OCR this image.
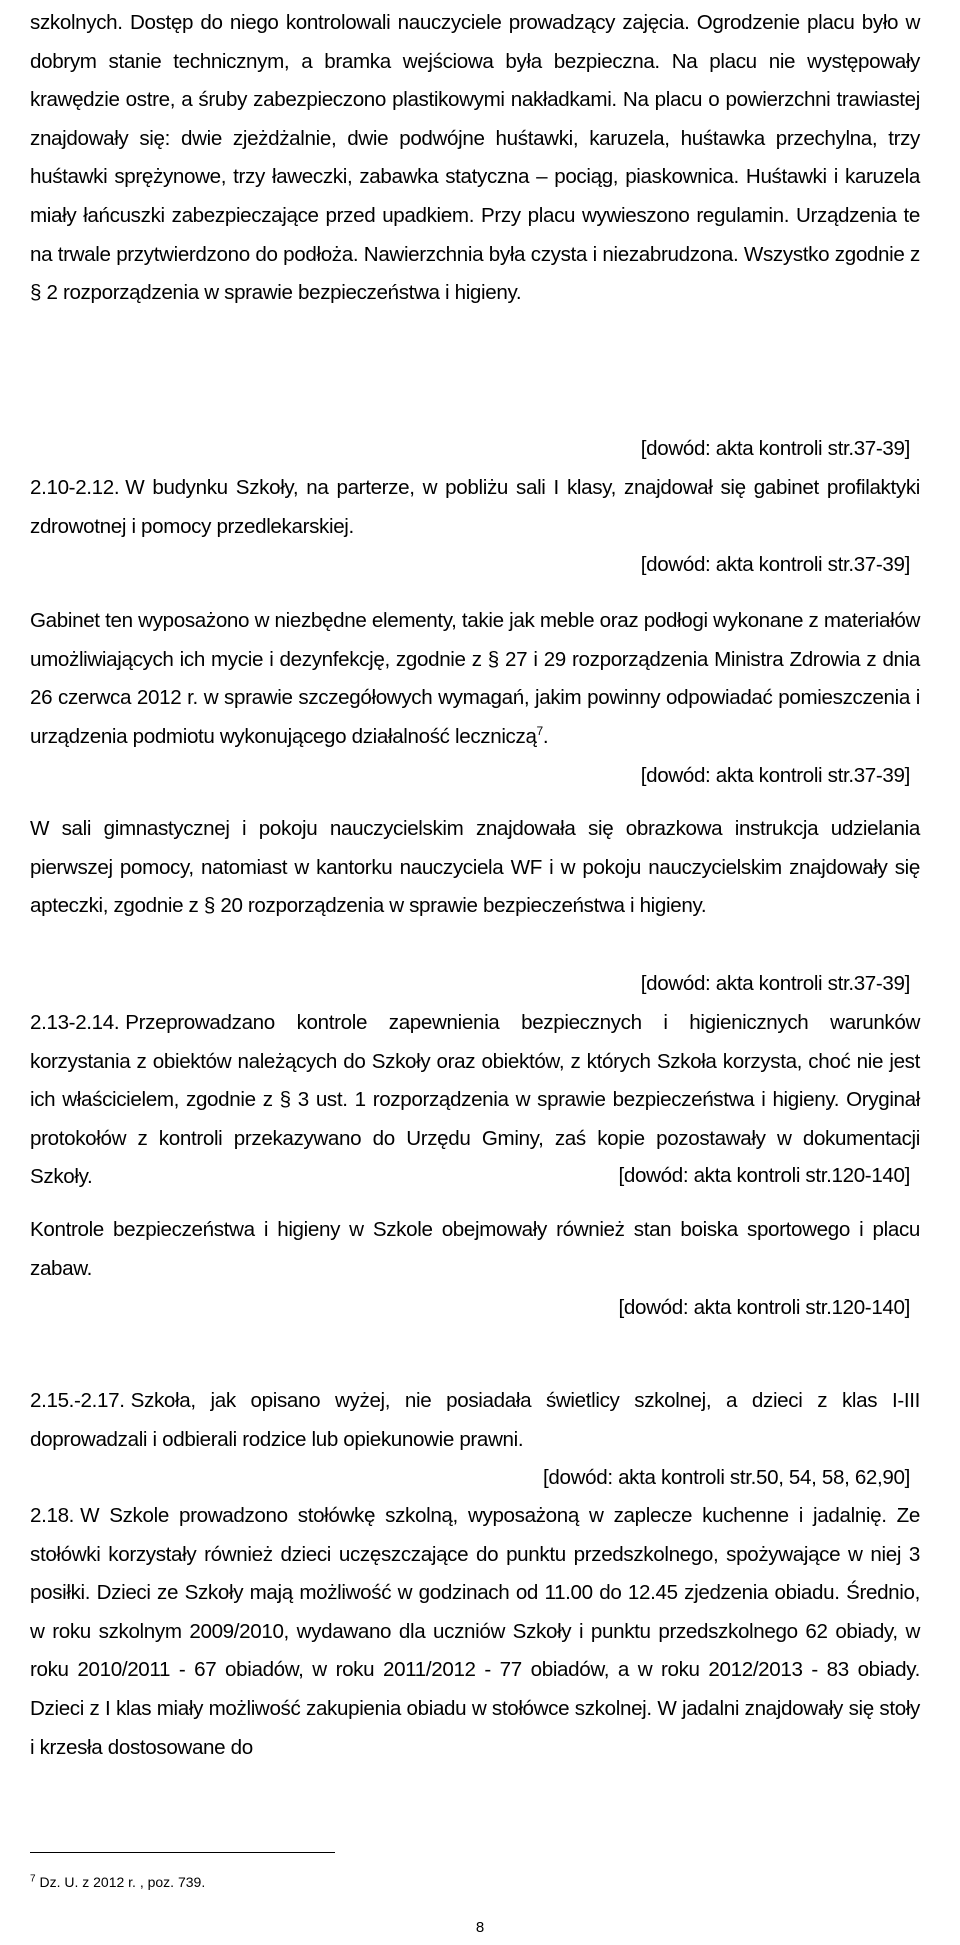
szkolnych. Dostęp do niego kontrolowali nauczyciele prowadzący zajęcia. Ogrodzenie placu było w dobrym stanie technicznym, a bramka wejściowa była bezpieczna. Na placu nie występowały krawędzie ostre, a śruby zabezpieczono plastikowymi nakładkami. Na placu o powierzchni trawiastej znajdowały się: dwie zjeżdżalnie, dwie podwójne huśtawki, karuzela, huśtawka przechylna, trzy huśtawki sprężynowe, trzy ławeczki, zabawka statyczna – pociąg, piaskownica. Huśtawki i karuzela miały łańcuszki zabezpieczające przed upadkiem. Przy placu wywieszono regulamin. Urządzenia te na trwale przytwierdzono do podłoża. Nawierzchnia była czysta i niezabrudzona. Wszystko zgodnie z § 2 rozporządzenia w sprawie bezpieczeństwa i higieny.

[dowód: akta kontroli str.37-39]

2.10-2.12. W budynku Szkoły, na parterze, w pobliżu sali I klasy, znajdował się gabinet profilaktyki zdrowotnej i pomocy przedlekarskiej.

[dowód: akta kontroli str.37-39]

Gabinet ten wyposażono w niezbędne elementy, takie jak meble oraz podłogi wykonane z materiałów umożliwiających ich mycie i dezynfekcję, zgodnie z § 27 i 29 rozporządzenia Ministra Zdrowia z dnia 26 czerwca 2012 r. w sprawie szczegółowych wymagań, jakim powinny odpowiadać pomieszczenia i urządzenia podmiotu wykonującego działalność leczniczą$^7$.

[dowód: akta kontroli str.37-39]

W sali gimnastycznej i pokoju nauczycielskim znajdowała się obrazkowa instrukcja udzielania pierwszej pomocy, natomiast w kantorku nauczyciela WF i w pokoju nauczycielskim znajdowały się apteczki, zgodnie z § 20 rozporządzenia w sprawie bezpieczeństwa i higieny.

[dowód: akta kontroli str.37-39]

2.13-2.14. Przeprowadzano kontrole zapewnienia bezpiecznych i higienicznych warunków korzystania z obiektów należących do Szkoły oraz obiektów, z których Szkoła korzysta, choć nie jest ich właścicielem, zgodnie z § 3 ust. 1 rozporządzenia w sprawie bezpieczeństwa i higieny. Oryginał protokołów z kontroli przekazywano do Urzędu Gminy, zaś kopie pozostawały w dokumentacji Szkoły.	[dowód: akta kontroli str.120-140]

Kontrole bezpieczeństwa i higieny w Szkole obejmowały również stan boiska sportowego i placu zabaw.

[dowód: akta kontroli str.120-140]

2.15.-2.17. Szkoła, jak opisano wyżej, nie posiadała świetlicy szkolnej, a dzieci z klas I-III doprowadzali i odbierali rodzice lub opiekunowie prawni.

[dowód: akta kontroli str.50, 54, 58, 62,90]

2.18. W Szkole prowadzono stołówkę szkolną, wyposażoną w zaplecze kuchenne i jadalnię. Ze stołówki korzystały również dzieci uczęszczające do punktu przedszkolnego, spożywające w niej 3 posiłki. Dzieci ze Szkoły mają możliwość w godzinach od 11.00 do 12.45 zjedzenia obiadu. Średnio, w roku szkolnym 2009/2010, wydawano dla uczniów Szkoły i punktu przedszkolnego 62 obiady, w roku 2010/2011 - 67 obiadów, w roku 2011/2012 - 77 obiadów, a w roku 2012/2013 - 83 obiady. Dzieci z I klas miały możliwość zakupienia obiadu w stołówce szkolnej. W jadalni znajdowały się stoły i krzesła dostosowane do

$^7$ Dz. U. z 2012 r. , poz. 739.

8
